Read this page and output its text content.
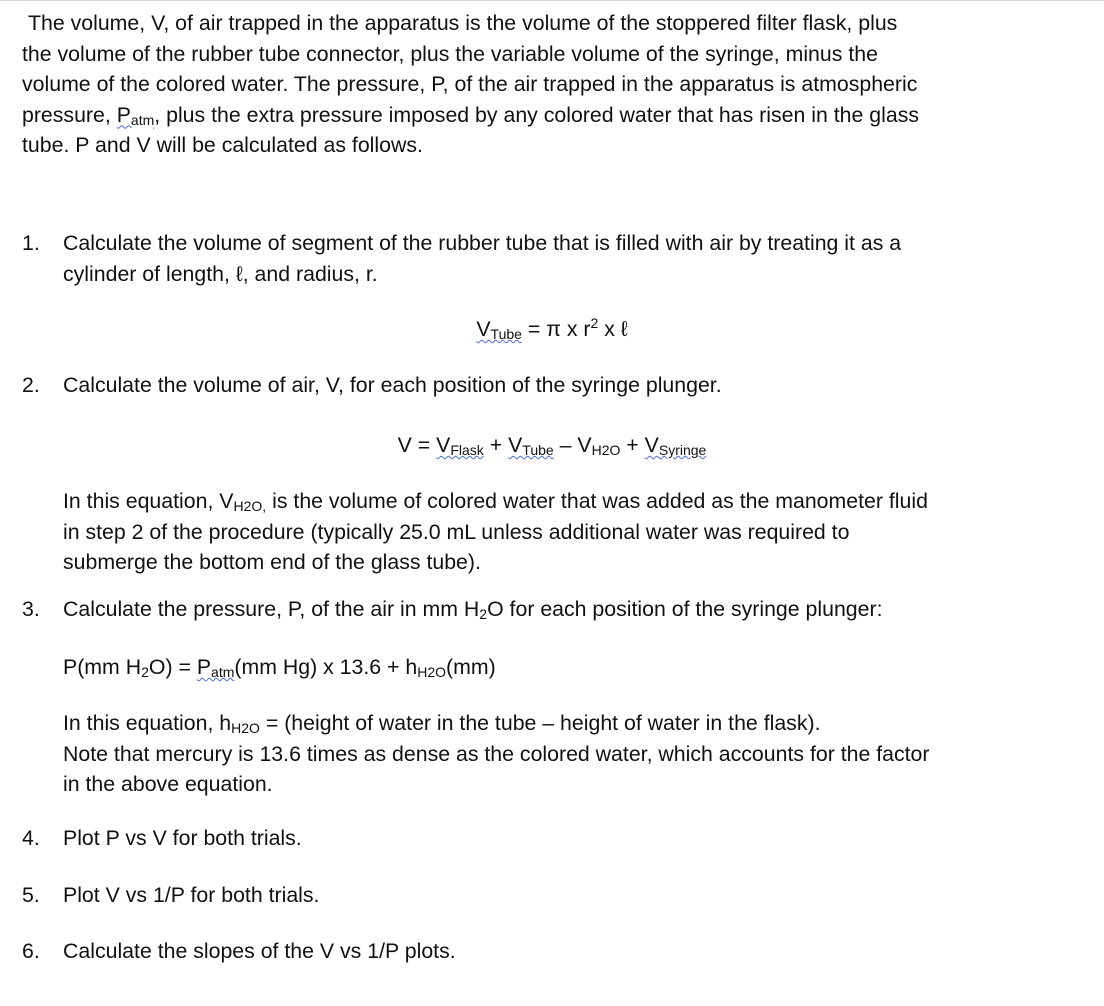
The volume, V, of air trapped in the apparatus is the volume of the stoppered filter flask, plus
the volume of the rubber tube connector, plus the variable volume of the syringe, minus the
volume of the colored water. The pressure, P, of the air trapped in the apparatus is atmospheric
pressure, $P_{atm}$, plus the extra pressure imposed by any colored water that has risen in the glass
tube. P and V will be calculated as follows.
1. Calculate the volume of segment of the rubber tube that is filled with air by treating it as a
cylinder of length, ℓ, and radius, r.
$V_{Tube} = \pi$ x $r^2$ x ℓ
2. Calculate the volume of air, V, for each position of the syringe plunger.
$V = V_{Flask} + V_{Tube} - V_{H2O} + V_{Syringe}$
In this equation, $V_{H2O,}$ is the volume of colored water that was added as the manometer fluid
in step 2 of the procedure (typically 25.0 mL unless additional water was required to
submerge the bottom end of the glass tube).
3. Calculate the pressure, P, of the air in mm $H_2O$ for each position of the syringe plunger:
P(mm $H_2O) = P_{atm}(mm$ Hg) x $13.6 + h_{H2O}(mm)$
In this equation, $h_{H2O}$ = (height of water in the tube – height of water in the flask).
Note that mercury is 13.6 times as dense as the colored water, which accounts for the factor
in the above equation.
4. Plot P vs V for both trials.
5. Plot V vs 1/P for both trials.
6. Calculate the slopes of the V vs 1/P plots.
